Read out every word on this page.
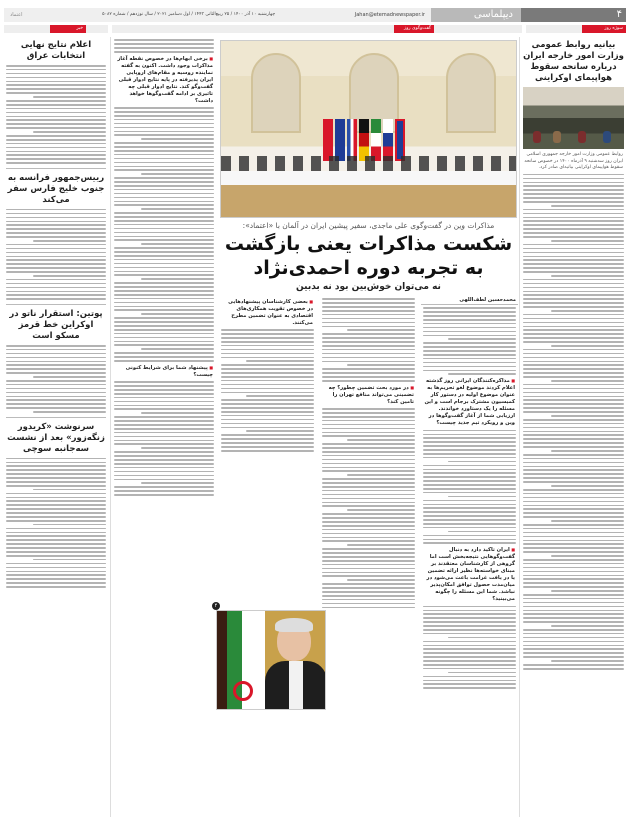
۴
دیپلماسی
Jahan@etemadnewspaper.ir
چهارشنبه ۱۰ آذر ۱۴۰۰ / ۲۵ ربیع‌الثانی ۱۴۴۳ / اول دسامبر ۲۰۲۱ / سال نوزدهم / شماره ۵۰۸۲
اعتماد
خبر	گفت‌وگوی روز	سوژه روز
بیانیه روابط عمومی وزارت امور خارجه ایران درباره سانحه سقوط هواپیمای اوکراینی
روابط عمومی وزارت امور خارجه جمهوری اسلامی ایران روز سه‌شنبه ۹ آذرماه ۱۴۰۰ در خصوص سانحه سقوط هواپیمای اوکراینی بیانیه‌ای صادر کرد.
مذاکرات وین در گفت‌وگوی علی ماجدی، سفیر پیشین ایران در آلمان با «اعتماد»:
شکست مذاکرات یعنی بازگشت
به تجربه دوره احمدی‌نژاد
نه می‌توان خوش‌بین بود نه بدبین
محمدحسین لطف‌اللهی
■ مذاکره‌کنندگان ایرانی روز گذشته اعلام کردند موضوع لغو تحریم‌ها به عنوان موضوع اولیه در دستور کار کمیسیون مشترک برجام است و این مسئله را یک دستاورد خواندند. ارزیابی شما از آغاز گفت‌وگوها در وین و رویکرد تیم جدید چیست؟
■ ایران تاکید دارد به دنبال گفت‌وگوهایی نتیجه‌بخش است اما گروهی از کارشناسان معتقدند بر مبنای خواسته‌ها نظیر ارائه تضمین یا در یافت غرامت باعث می‌شود در میان‌مدت حصول توافق امکان‌پذیر نباشد. شما این مسئله را چگونه می‌بینید؟
■ در مورد بحث تضمین چطور؟ چه تضمینی می‌تواند منافع تهران را تامین کند؟
■ بعضی کارشناسان پیشنهادهایی در خصوص تقویت همکاری‌های اقتصادی به عنوان تضمین مطرح می‌کنند.
■ برخی ابهام‌ها در خصوص نقطه آغاز مذاکرات وجود داشت. اکنون به گفته نماینده روسیه و مقام‌های اروپایی ایران پذیرفته در پایه نتایج ادوار قبلی گفت‌وگو کند. نتایج ادوار قبلی چه تاثیری بر ادامه گفت‌وگوها خواهد داشت؟
■ پیشنهاد شما برای شرایط کنونی چیست؟
۴
اعلام نتایج نهایی انتخابات عراق
رییس‌جمهور فرانسه به جنوب خلیج فارس سفر می‌کند
پوتین: استقرار ناتو در اوکراین خط قرمز مسکو است
سرنوشت «کریدور زنگه‌زور» بعد از نشست سه‌جانبه سوچی
